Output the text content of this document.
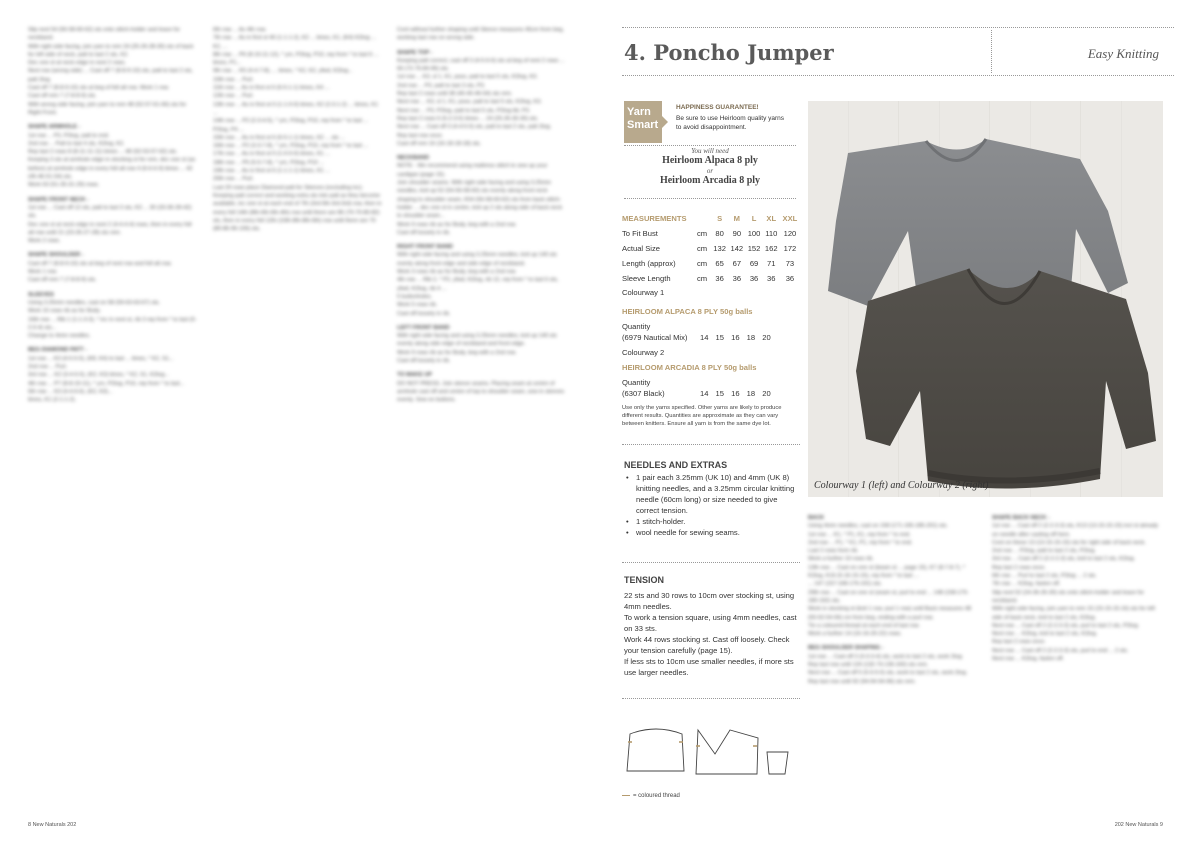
Slip next 54 (56-58-60-62) sts onto stitch-holder and leave for neckband.

With right side facing, join yarn to rem 24 (25-26-28-30) sts of back for left side of neck, patt to last 2 sts, K2.

Dec one st at neck edge in next 2 rows.

Next row (wrong side) ... Cast off 7 (8-8-9-10) sts, patt to last 2 sts, patt 2tog.

Cast off 7 (8-8-9-10) sts at beg of foll alt row. Work 1 row.

Cast off rem 7 (7-8-8-9) sts.

With wrong side facing, join yarn to rem 48 (52-57-61-66) sts for Right Front.

SHAPE ARMHOLE -

1st row ... P3, P2tog, patt to end.

2nd row ... Patt to last 4 sts, K2tog, K2.

Rep last 2 rows 8 (8-11-11-11) times ... 48 (52-53-57-62) sts.

Keeping 3 sts at armhole edge in stocking st for rem, dec one st (as before) at armhole edge in every foll alt row 4 (6-6-6-9) times ... 42 (45-46-51-54) sts.

Work 63 (51-35-31-29) rows.

SHAPE FRONT NECK -

1st row ... Cast off 12 sts, patt to last 3 sts, K3 ... 30 (33-36-39-42) sts.

Dec one st at neck edge in next 2 (4-4-4-4) rows, then in every foll alt row until 21 (23-26-27-28) sts rem.

Work 2 rows.

SHAPE SHOULDER -

Cast off 7 (8-8-9-10) sts at beg of next row and foll alt row.

Work 1 row.

Cast off rem 7 (7-8-8-9) sts.

SLEEVES

Using 3.25mm needles, cast on 58 (59-63-63-67) sts.

Work 15 rows rib as for Body.

16th row ... Rib 1 (1-1-3-3), * inc in next st, rib 3 rep from * to last (0-2-0-4) sts...

Change to 4mm needles.

BEG DIAMOND PATT -

1st row ... K3 (4-5-5-5), (K8, K4) to last ... times, * K2, S1...

2nd row ... Purl.

3rd row ... K2 (3-4-5-5), (K2, K3) times, * K2, S1, K2tog...

4th row ... P7 (8-8-10-11), * yrn, P2tog, P10, rep from * to last...

5th row ... K3 (4-4-6-6), (K2, K3)...

times, K1 (2-1-1-2).

6th row ... As 4th row.

7th row ... As in first st 40 (1-1-1-2), K2 ... times, K1, (K4) K2tog ... K2, ...

8th row ... P6 (8-10-11-12), * yrn, P2tog, P10, rep from * to last 6 ... times, P1...

9th row ... K5 (4-4-7-8), ... times, * K2, K2, yfwd, K2tog...

10th row ... Purl.

11th row ... As in first st 6 (6-5-1-1) times, K4 ...

12th row ... Purl.

13th row ... As in first st 0 (1-1-0-0) times, K2 (2-3-1-2) ... times, K1 ...

14th row ... P2 (2-3-4-5), * yrn, P2tog, P10, rep from * to last ... P2tog, P4 ...

15th row ... As in first st 6 (6-5-1-1) times, K2 ... sts ...

16th row ... P2 (3-3-7-8), * yrn, P2tog, P10, rep from * to last ...

17th row ... As in first st 0 (1-0-0-0) times, K1 ...

18th row ... P5 (5-5-7-8), * yrn, P2tog, P10 ...

19th row ... As in first st 6 (1-1-1-1) times, K1 ...

20th row ... Purl.

Last 20 rows place Diamond patt for Sleeves (excluding inc).

Keeping patt correct and working extra sts into patt as they become available, inc one st at each end of 7th (3rd-5th-3rd-3rd) row, then in every foll 14th (8th-6th-6th-4th) row until there are 86 (70-70-80-82) sts, then in every foll 12th (10th-8th-8th-6th) row until there are 70 (80-86-96-106) sts.

Cont without further shaping until Sleeve measures 45cm from beg, working last row on wrong side.

SHAPE TOP -

Keeping patt correct, cast off 3 (4-5-6-6) sts at beg of next 2 rows ... 66 (72-76-84-96) sts.

1st row ... K3, sl 1, K1, psso, patt to last 5 sts, K2tog, K3.

2nd row ... P3, patt to last 3 sts, P3.

Rep last 2 rows until 38 (40-40-46-54) sts rem.

Next row ... K3, sl 1, K1, psso, patt to last 5 sts, K2tog, K3.

Next row ... P3, P2tog, patt to last 5 sts, P2tog tbl, P3.

Rep last 2 rows 6 (5-2-3-5) times ... 24 (25-26-30-30) sts.

Next row ... Cast off 3 (4-4-5-5) sts, patt to last 2 sts, patt 2tog.

Rep last row once.

Cast off rem 16 (16-18-18-18) sts.

NECKBAND

NOTE - We recommend using mattress stitch to sew up your cardigan (page 15).

Join shoulder seams. With right side facing and using 3.25mm needles, knit up 52 (54-56-58-60) sts evenly along front neck shaping to shoulder seam, K54 (56-58-60-62) sts from back stitch-holder ... dec one st in centre, knit up 2 sts along side of back neck to shoulder seam...

Work 9 rows rib as for Body, beg with a 2nd row.

Cast off loosely in rib.

RIGHT FRONT BAND

With right side facing and using 3.25mm needles, knit up 140 sts evenly along front edge and side edge of neckband.

Work 3 rows rib as for Body, beg with a 2nd row.

4th row ... Rib 2, * P2, yfwd, K2tog, rib 12, rep from * to last 6 sts, yfwd, K2tog, rib 4 ...

5 buttonholes.

Work 5 rows rib.

Cast off loosely in rib.

LEFT FRONT BAND

With right side facing and using 3.25mm needles, knit up 140 sts evenly along side edge of neckband and front edge.

Work 9 rows rib as for Body, beg with a 2nd row.

Cast off loosely in rib.

TO MAKE UP

DO NOT PRESS. Join sleeve seams. Placing seam at centre of armhole cast off and centre of top to shoulder seam, sew in sleeves evenly. Sew on buttons.

8 New Naturals 202
4. Poncho Jumper	Easy Knitting
Yarn
Smart
HAPPINESS GUARANTEE!
Be sure to use Heirloom quality yarns to avoid disappointment.
You will need
Heirloom Alpaca 8 ply
or
Heirloom Arcadia 8 ply
MEASUREMENTS		S	M	L	XL	XXL
To Fit Bust	cm	80	90	100	110	120
Actual Size	cm	132	142	152	162	172
Length (approx)	cm	65	67	69	71	73
Sleeve Length	cm	36	36	36	36	36
Colourway 1
HEIRLOOM ALPACA 8 PLY 50g balls
Quantity
(6979 Nautical Mix)	14 15 16 18 20
Colourway 2
HEIRLOOM ARCADIA 8 PLY 50g balls
Quantity
(6307 Black)	14 15 16 18 20
Use only the yarns specified. Other yarns are likely to produce different results. Quantities are approximate as they can vary between knitters. Ensure all yarn is from the same dye lot.
NEEDLES AND EXTRAS
• 1 pair each 3.25mm (UK 10) and 4mm (UK 8) knitting needles, and a 3.25mm circular knitting needle (60cm long) or size needed to give correct tension.
• 1 stitch-holder.
• wool needle for sewing seams.
TENSION
22 sts and 30 rows to 10cm over stocking st, using 4mm needles.
To work a tension square, using 4mm needles, cast on 33 sts.
Work 44 rows stocking st. Cast off loosely. Check your tension carefully (page 15).
If less sts to 10cm use smaller needles, if more sts use larger needles.
= coloured thread
Colourway 1 (left) and Colourway 2 (right)

BACK

Using 4mm needles, cast on 158 (171-165-185-201) sts.

1st row ... K1, * P1, K1, rep from * to end.

2nd row ... P1, * K1, P1, rep from * to end.

Last 2 rows form rib.

Work a further 10 rows rib.

13th row ... Cast on one st (beam st ... page 15), K7 (8-7-8-7), * K2tog, K16 (5-16-15-15), rep from * to last ...

... 147 (157-168-176-191) sts.

29th row ... Cast on one st (seam st, purl to end ... 148 (158-170-180-192) sts.

Work in stocking st (knit 1 row, purl 1 row) until Back measures 48 (50-52-54-56) cm from beg, ending with a purl row.

Tie a coloured thread at each end of last row.

Work a further 14 (16-16-20-22) rows.

BEG SHOULDER SHAPING -

1st row ... Cast off 3 (3-3-3-4) sts, work to last 2 sts, work 2tog.

Rep last row until 124 (132-74-136-160) sts rem.

Next row ... Cast off 5 (5-5-5-5) sts, work to last 2 sts, work 2tog.

Rep last row until 92 (94-94-94-96) sts rem.

SHAPE BACK NECK -

1st row ... Cast off 2 (2-2-3-3) sts, K13 (13-15-15-15) incl st already on needle after casting off here.

Cont on these 13 (13-15-15-15) sts for right side of back neck.

2nd row ... P2tog, patt to last 2 sts, P2tog.

3rd row ... Cast off 2 (2-2-2-3) sts, knit to last 2 sts, K2tog.

Rep last 2 rows once.

6th row ... Purl to last 2 sts, P2tog ... 2 sts.

7th row ... K2tog, fasten off.

Slip next 52 (24-36-26-30) sts onto stitch-holder and leave for neckband.

With right side facing, join yarn to rem 15 (15-15-15-16) sts for left side of back neck, knit to last 2 sts, K2tog.

Next row ... Cast off 2 (2-2-3-3) sts, purl to last 2 sts, P2tog.

Next row ... K2tog, knit to last 2 sts, K2tog.

Rep last 2 rows once.

Next row ... Cast off 2 (2-2-3-3) sts, purl to end ... 2 sts.

Next row ... K2tog, fasten off.

202 New Naturals 9
